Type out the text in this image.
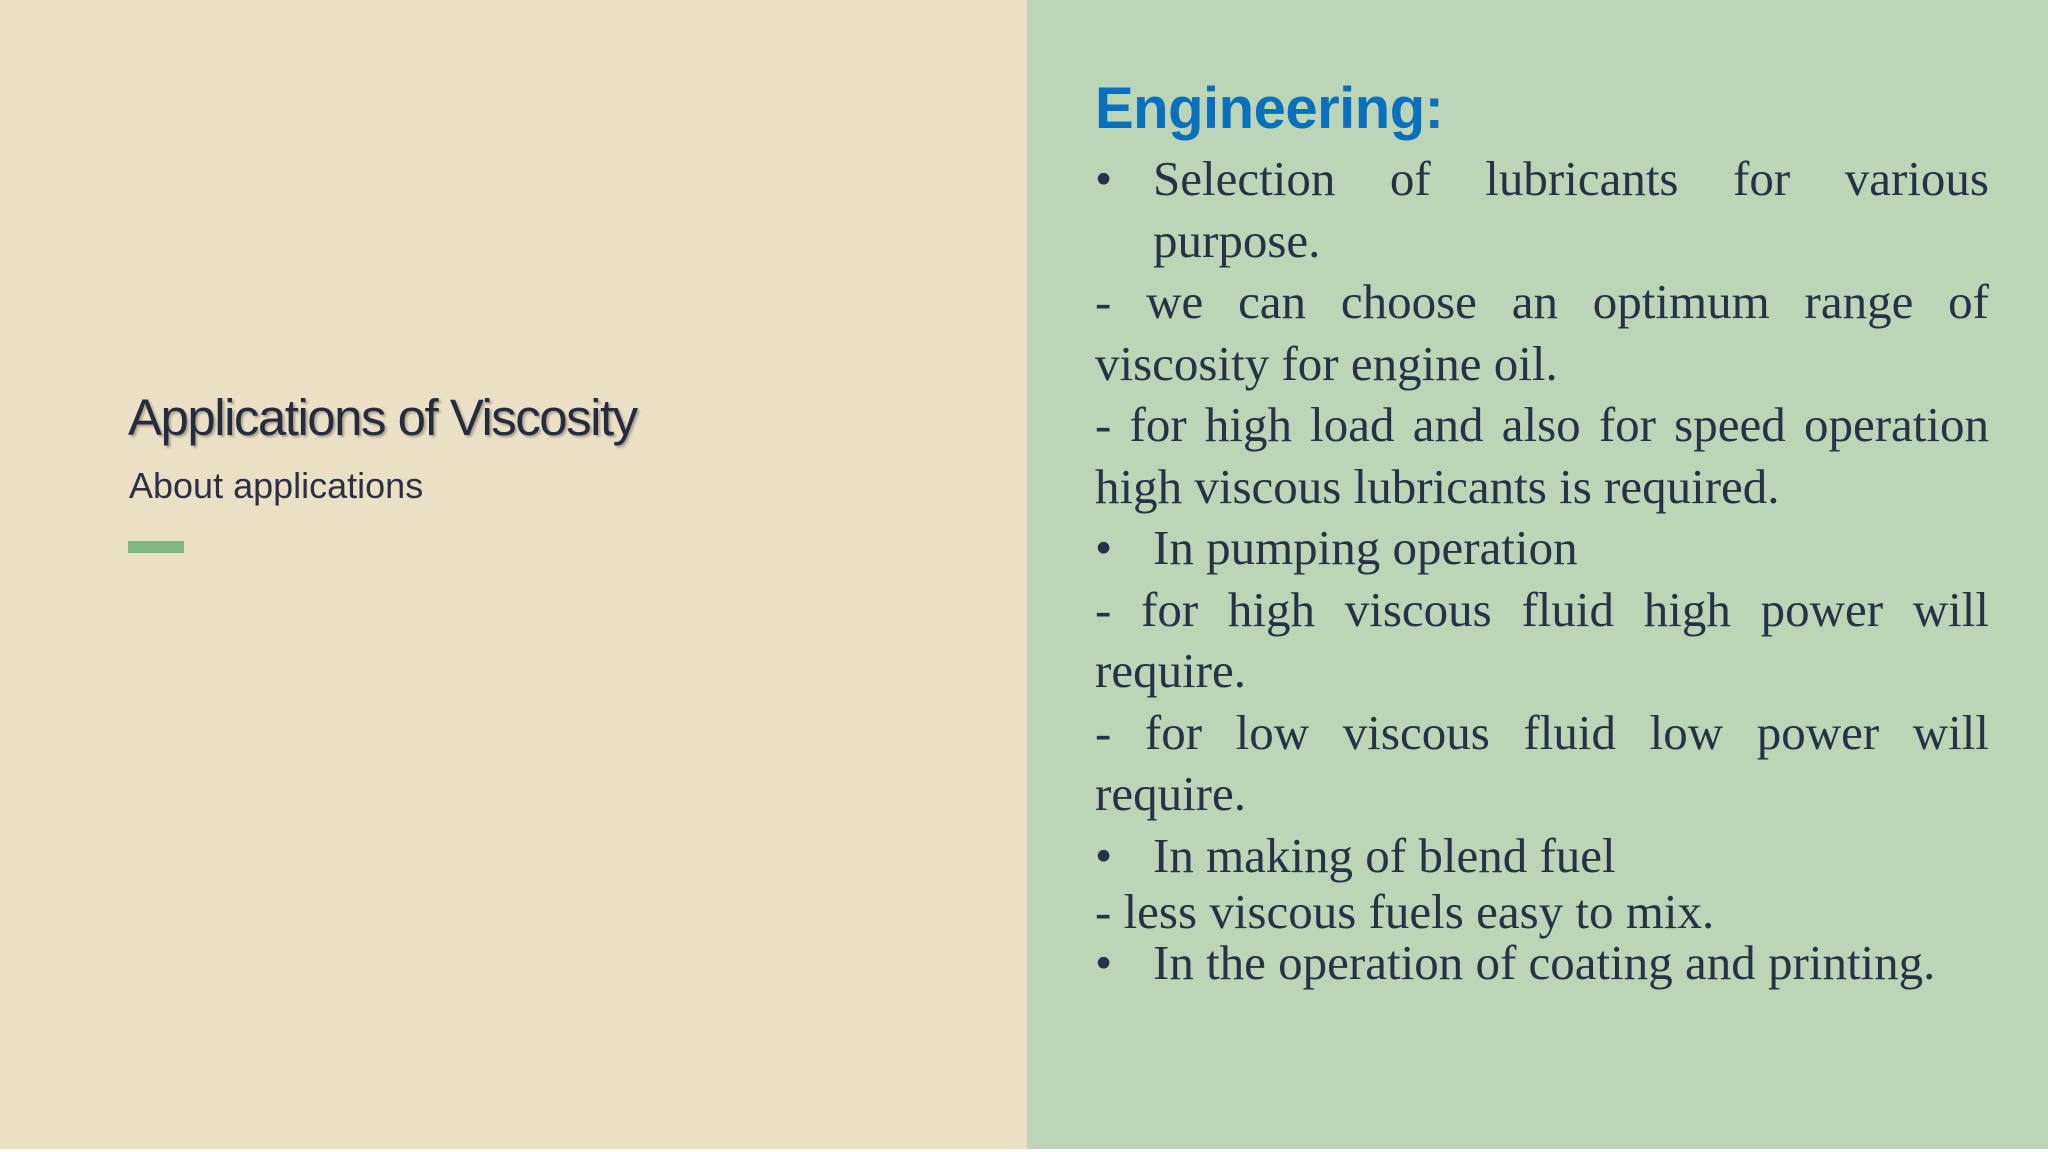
Applications of Viscosity

About applications

Engineering:
• Selection of lubricants for various purpose.
- we can choose an optimum range of viscosity for engine oil.
- for high load and also for speed operation high viscous lubricants is required.
• In pumping operation
- for high viscous fluid high power will require.
- for low viscous fluid low power will require.
• In making of blend fuel
- less viscous fuels easy to mix.
• In the operation of coating and printing.
